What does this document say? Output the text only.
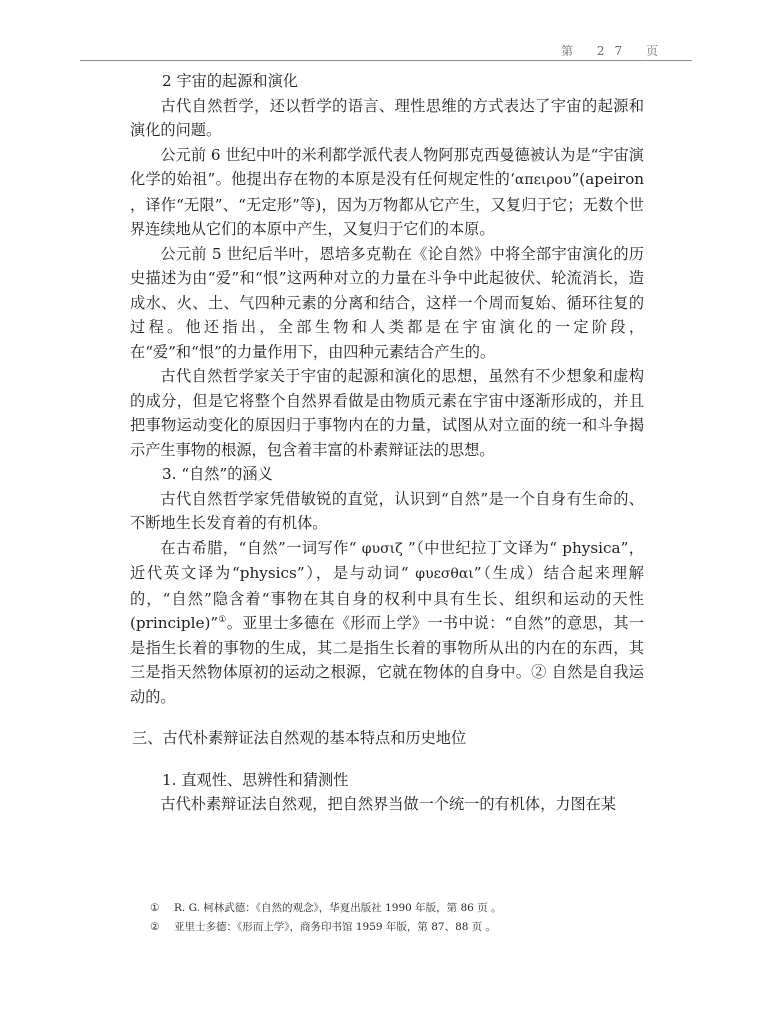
第 27 页

2 宇宙的起源和演化

古代自然哲学，还以哲学的语言、理性思维的方式表达了宇宙的起源和演化的问题。

公元前 6 世纪中叶的米利都学派代表人物阿那克西曼德被认为是“宇宙演化学的始祖”。他提出存在物的本原是没有任何规定性的‘απειρου”(apeiron ，译作“无限”、“无定形”等)，因为万物都从它产生，又复归于它；无数个世界连续地从它们的本原中产生，又复归于它们的本原。

公元前 5 世纪后半叶，恩培多克勒在《论自然》中将全部宇宙演化的历史描述为由“爱”和“恨”这两种对立的力量在斗争中此起彼伏、轮流消长，造成水、火、土、气四种元素的分离和结合，这样一个周而复始、循环往复的过程。他还指出，全部生物和人类都是在宇宙演化的一定阶段，在“爱”和“恨”的力量作用下，由四种元素结合产生的。

古代自然哲学家关于宇宙的起源和演化的思想，虽然有不少想象和虚构的成分，但是它将整个自然界看做是由物质元素在宇宙中逐渐形成的，并且把事物运动变化的原因归于事物内在的力量，试图从对立面的统一和斗争揭示产生事物的根源，包含着丰富的朴素辩证法的思想。

3. “自然”的涵义

古代自然哲学家凭借敏锐的直觉，认识到“自然”是一个自身有生命的、不断地生长发育着的有机体。

在古希腊，“自然”一词写作“ φυσιζ ”（中世纪拉丁文译为“ physica”，近代英文译为“physics”），是与动词“ φυεσθαι”（生成）结合起来理解的，“自然”隐含着“事物在其自身的权利中具有生长、组织和运动的天性(principle)”①。亚里士多德在《形而上学》一书中说：“自然”的意思，其一是指生长着的事物的生成，其二是指生长着的事物所从出的内在的东西，其三是指天然物体原初的运动之根源，它就在物体的自身中。② 自然是自我运动的。

三、古代朴素辩证法自然观的基本特点和历史地位

1. 直观性、思辨性和猜测性

古代朴素辩证法自然观，把自然界当做一个统一的有机体，力图在某

①	R. G. 柯林武德：《自然的观念》，华夏出版社 1990 年版，第 86 页 。
②	亚里士多德：《形而上学》，商务印书馆 1959 年版，第 87、88 页 。
